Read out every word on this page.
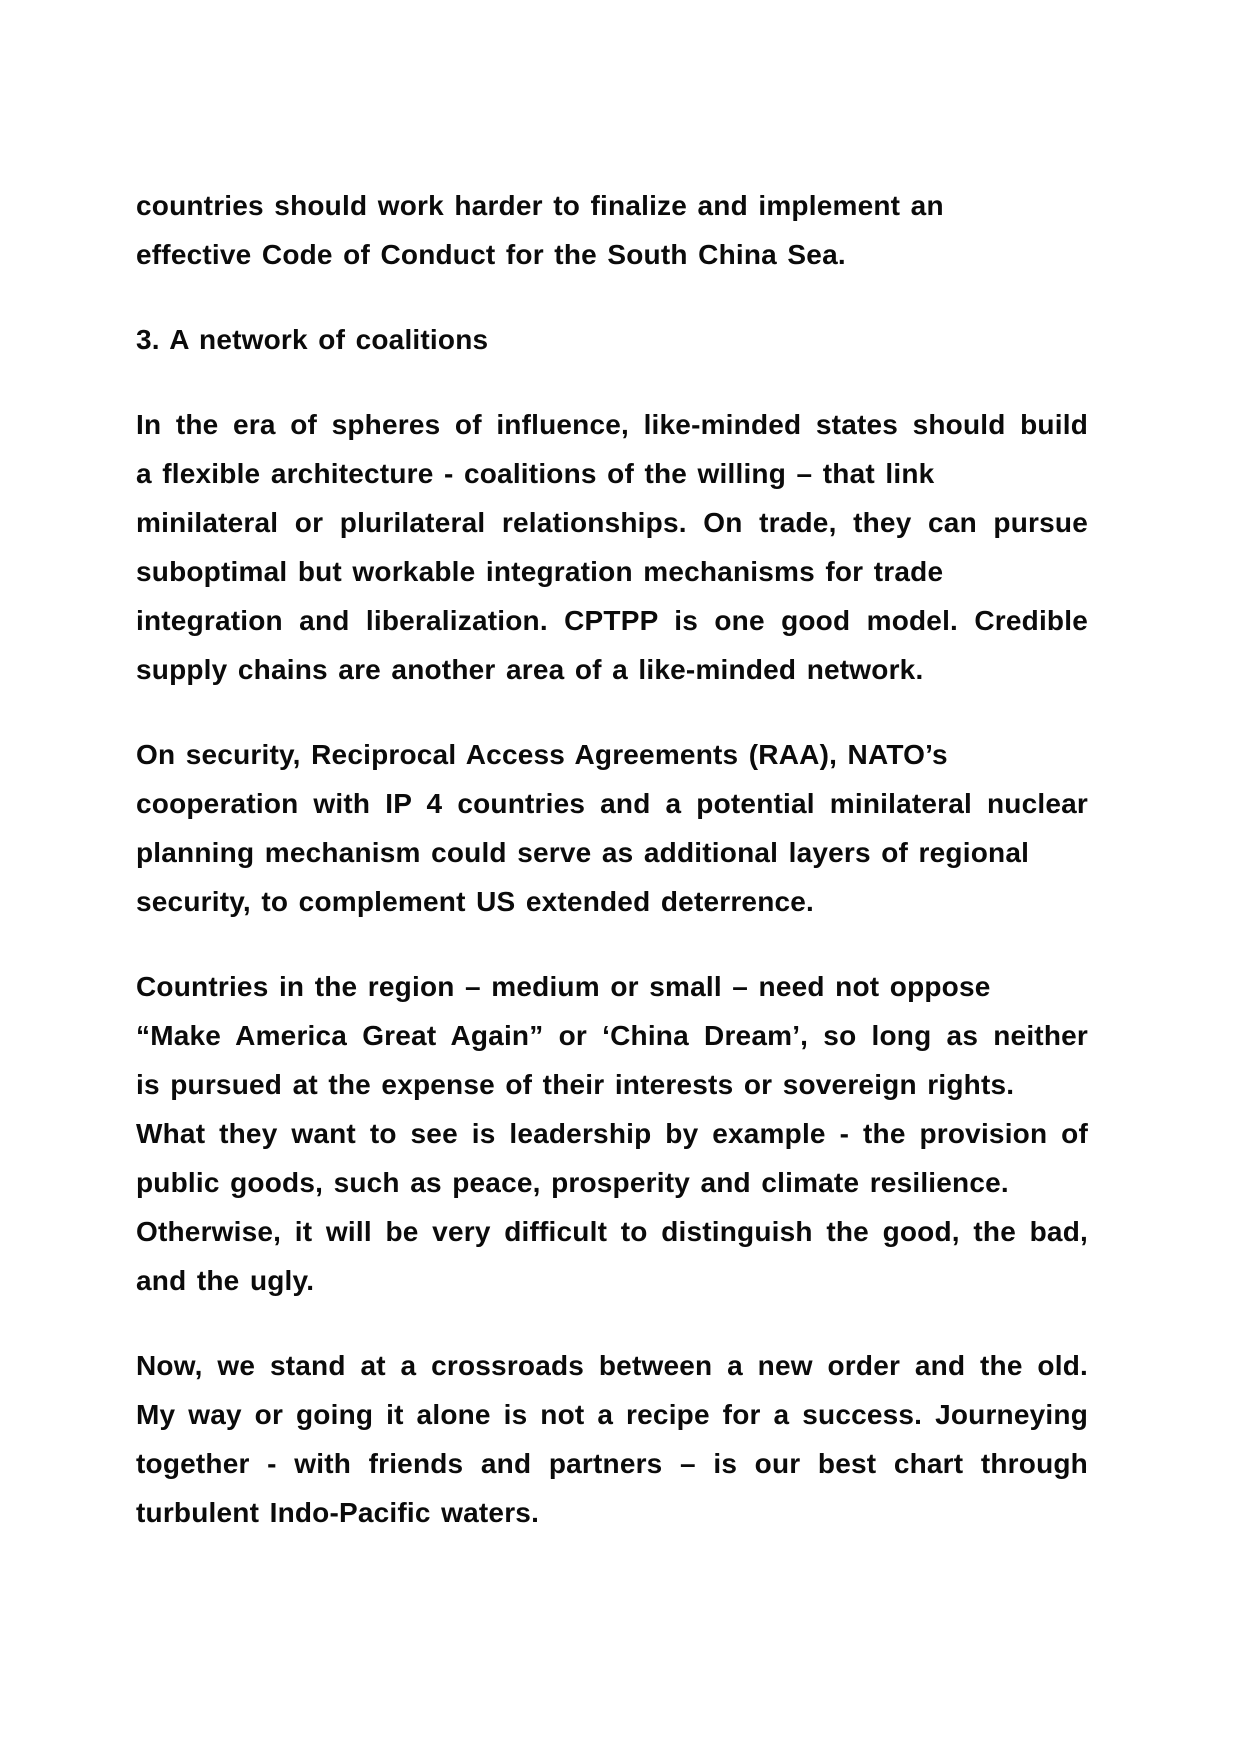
countries should work harder to finalize and implement an
effective Code of Conduct for the South China Sea.
3. A network of coalitions
In the era of spheres of influence, like-minded states should build
a flexible architecture - coalitions of the willing – that link
minilateral or plurilateral relationships. On trade, they can pursue
suboptimal but workable integration mechanisms for trade
integration and liberalization. CPTPP is one good model. Credible
supply chains are another area of a like-minded network.
On security, Reciprocal Access Agreements (RAA), NATO’s
cooperation with IP 4 countries and a potential minilateral nuclear
planning mechanism could serve as additional layers of regional
security, to complement US extended deterrence.
Countries in the region – medium or small – need not oppose
“Make America Great Again” or ‘China Dream’, so long as neither
is pursued at the expense of their interests or sovereign rights.
What they want to see is leadership by example - the provision of
public goods, such as peace, prosperity and climate resilience.
Otherwise, it will be very difficult to distinguish the good, the bad,
and the ugly.
Now, we stand at a crossroads between a new order and the old.
My way or going it alone is not a recipe for a success. Journeying
together - with friends and partners – is our best chart through
turbulent Indo-Pacific waters.
